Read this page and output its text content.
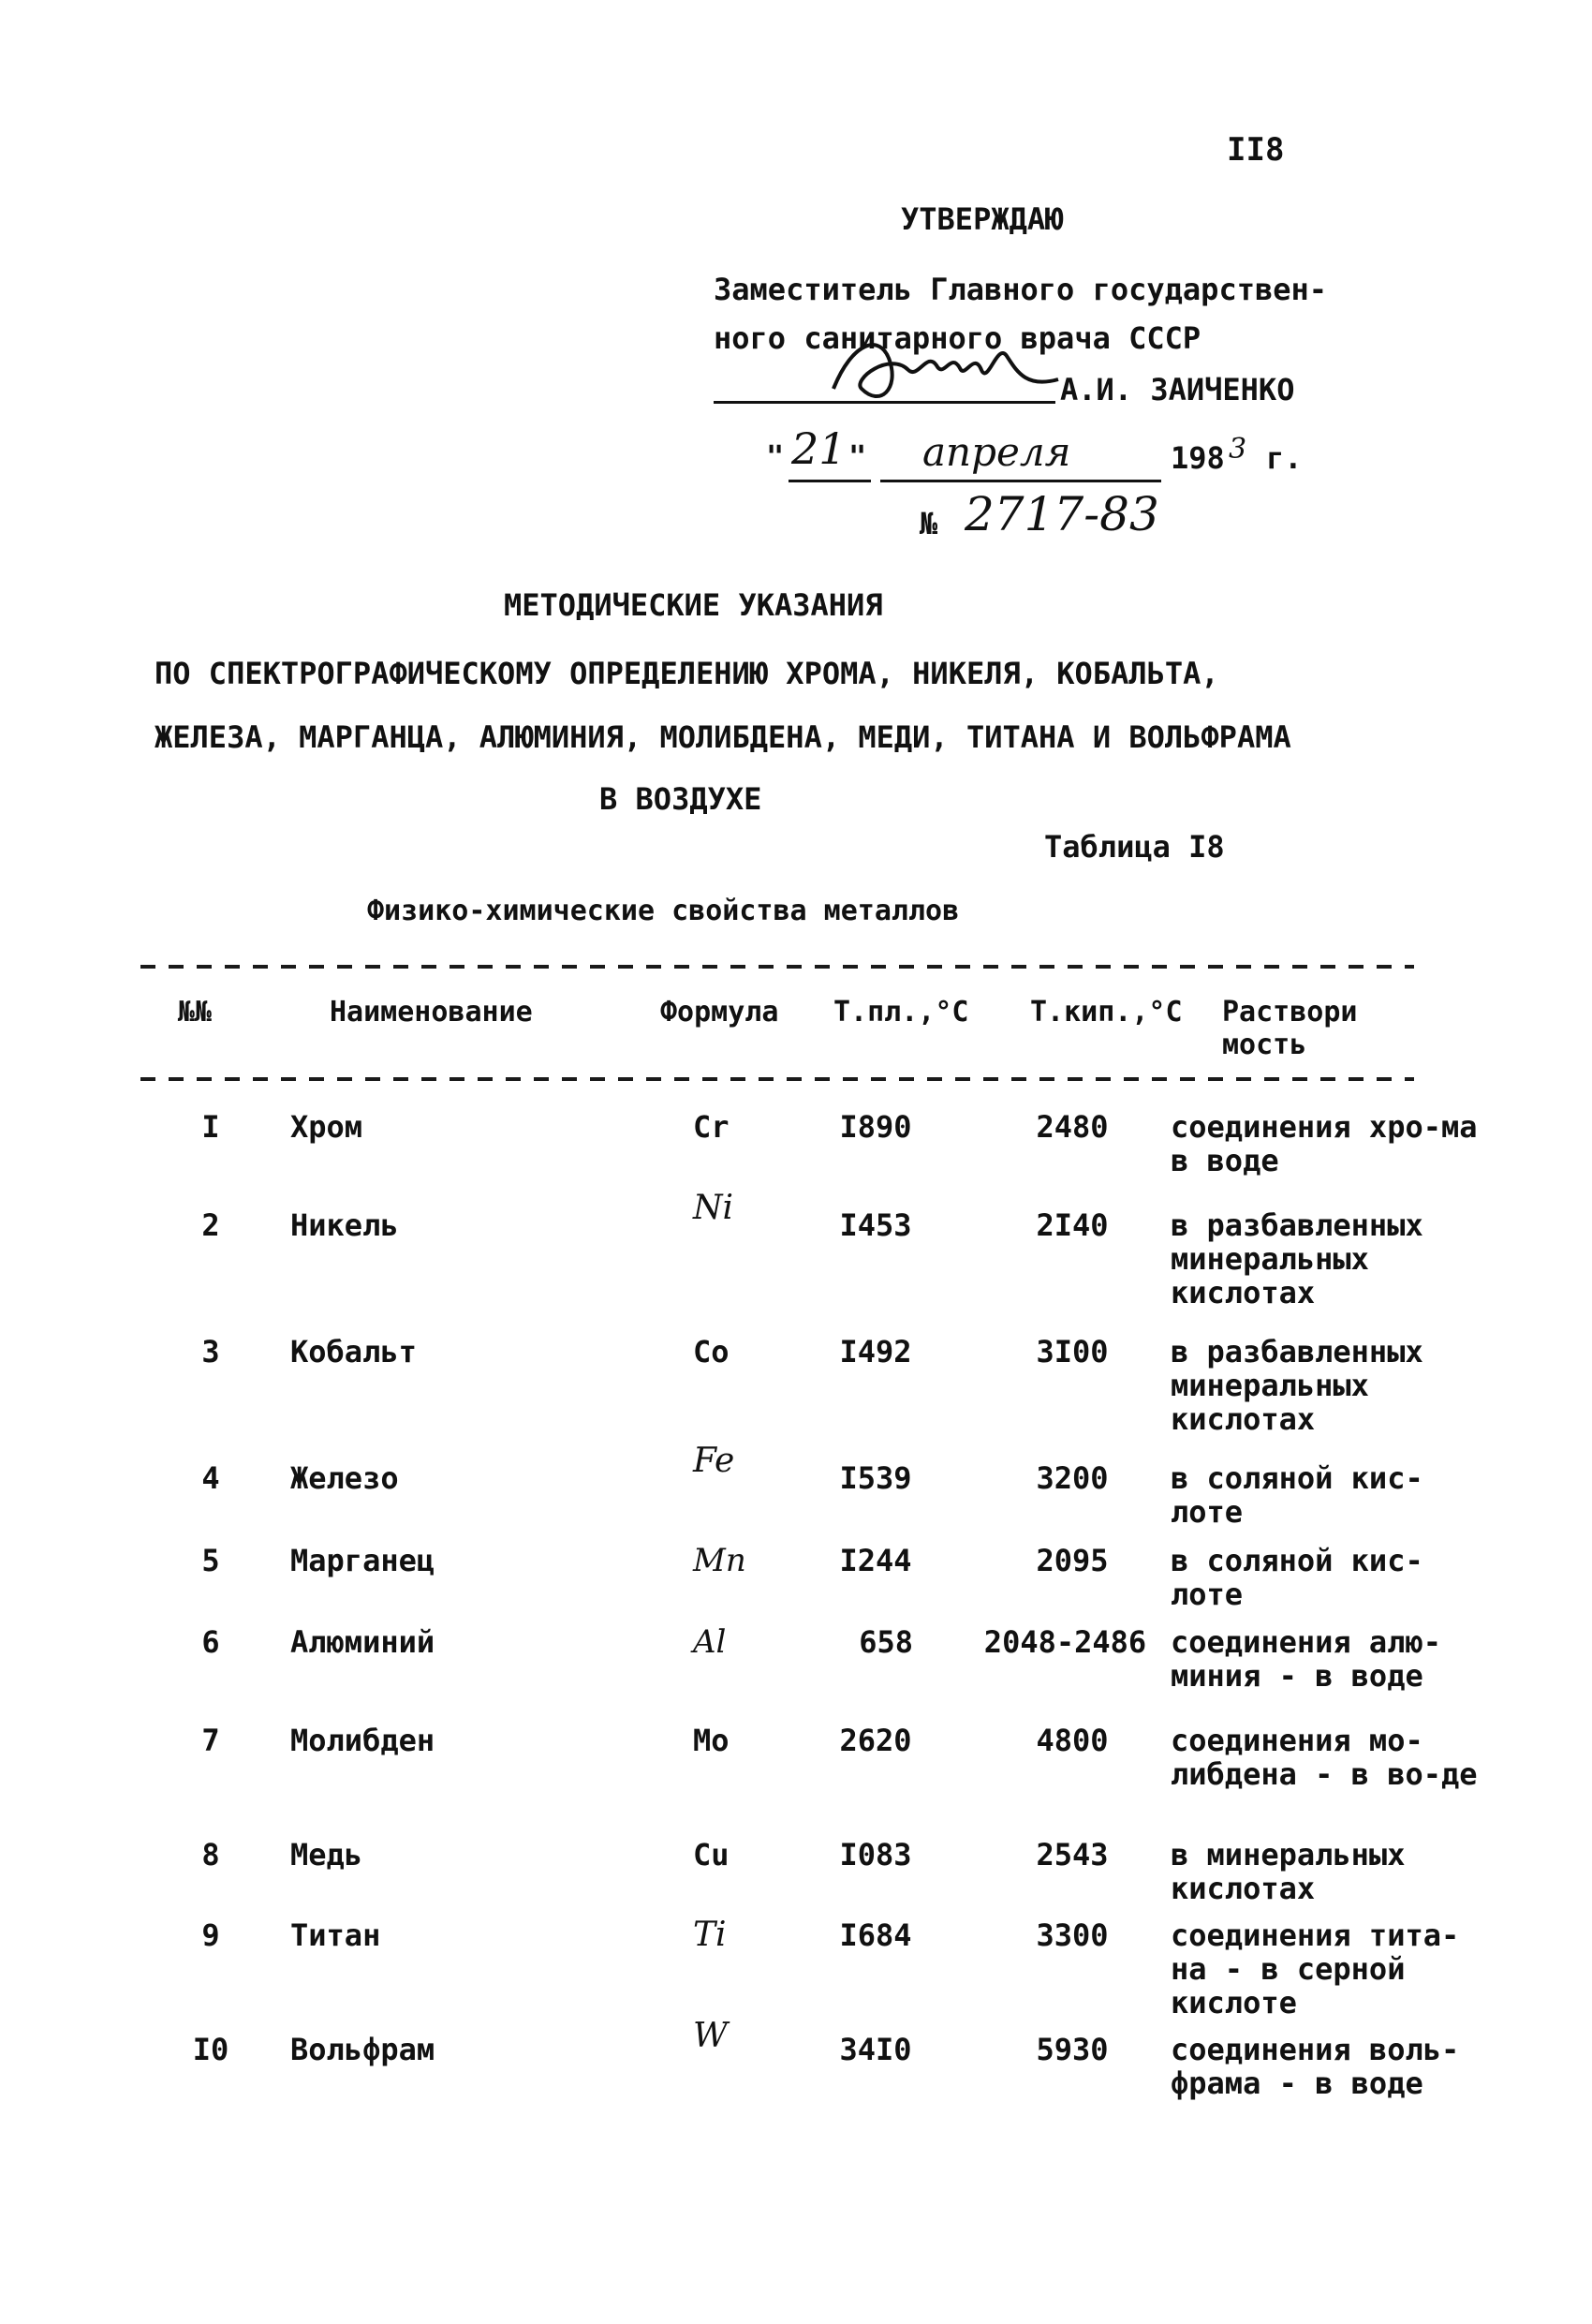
II8
УТВЕРЖДАЮ
Заместитель Главного государствен-
ного санитарного врача СССР
А.И. ЗАИЧЕНКО
" 21 " апреля	198 3 г.
№ 2717-83
МЕТОДИЧЕСКИЕ УКАЗАНИЯ
ПО СПЕКТРОГРАФИЧЕСКОМУ ОПРЕДЕЛЕНИЮ ХРОМА, НИКЕЛЯ, КОБАЛЬТА,
ЖЕЛЕЗА, МАРГАНЦА, АЛЮМИНИЯ, МОЛИБДЕНА, МЕДИ, ТИТАНА И ВОЛЬФРАМА
В ВОЗДУХЕ
Таблица I8
Физико-химические свойства металлов
№№	Наименование	Формула Т.пл.,°С Т.кип.,°С Раствори
мость
I	Хром	Cr	I890	2480	соединения хро-ма в воде
2	Никель	Ni	I453	2I40	в разбавленных минеральных кислотах
3	Кобальт	Co	I492	3I00	в разбавленных минеральных кислотах
4	Железо	Fe	I539	3200	в соляной кис-лоте
5	Марганец	Mn	I244	2095	в соляной кис-лоте
6	Алюминий	Al	658	2048-2486 соединения алю-миния - в воде
7	Молибден	Mo	2620	4800	соединения мо-либдена - в во-де
8	Медь	Cu	I083	2543	в минеральных кислотах
9	Титан	Ti	I684	3300	соединения тита-на - в серной кислоте
I0 Вольфрам	W	34I0	5930	соединения воль-фрама - в воде
